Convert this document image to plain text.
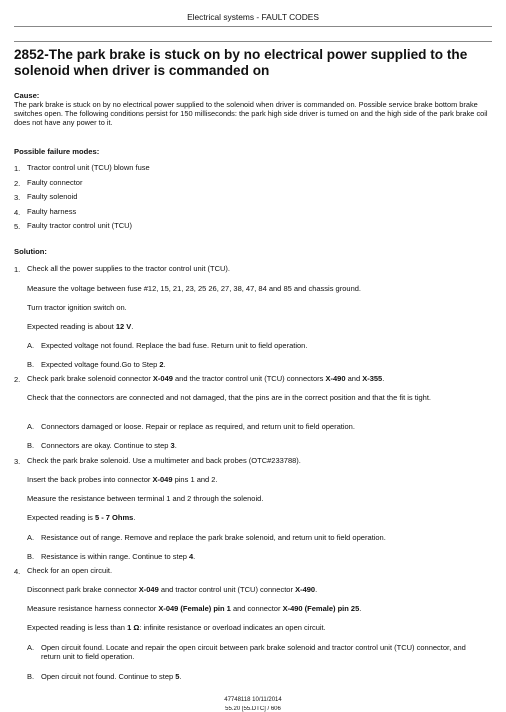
Electrical systems - FAULT CODES
2852-The park brake is stuck on by no electrical power supplied to the solenoid when driver is commanded on
Cause:
The park brake is stuck on by no electrical power supplied to the solenoid when driver is commanded on. Possible service brake bottom brake switches open. The following conditions persist for 150 milliseconds: the park high side driver is turned on and the high side of the park brake coil does not have any power to it.
Possible failure modes:
1. Tractor control unit (TCU) blown fuse
2. Faulty connector
3. Faulty solenoid
4. Faulty harness
5. Faulty tractor control unit (TCU)
Solution:
1. Check all the power supplies to the tractor control unit (TCU).
Measure the voltage between fuse #12, 15, 21, 23, 25 26, 27, 38, 47, 84 and 85 and chassis ground.
Turn tractor ignition switch on.
Expected reading is about 12 V.
A. Expected voltage not found. Replace the bad fuse. Return unit to field operation.
B. Expected voltage found.Go to Step 2.
2. Check park brake solenoid connector X-049 and the tractor control unit (TCU) connectors X-490 and X-355.
Check that the connectors are connected and not damaged, that the pins are in the correct position and that the fit is tight.
A. Connectors damaged or loose. Repair or replace as required, and return unit to field operation.
B. Connectors are okay. Continue to step 3.
3. Check the park brake solenoid. Use a multimeter and back probes (OTC#233788).
Insert the back probes into connector X-049 pins 1 and 2.
Measure the resistance between terminal 1 and 2 through the solenoid.
Expected reading is 5 - 7 Ohms.
A. Resistance out of range. Remove and replace the park brake solenoid, and return unit to field operation.
B. Resistance is within range. Continue to step 4.
4. Check for an open circuit.
Disconnect park brake connector X-049 and tractor control unit (TCU) connector X-490.
Measure resistance harness connector X-049 (Female) pin 1 and connector X-490 (Female) pin 25.
Expected reading is less than 1 Ω: infinite resistance or overload indicates an open circuit.
A. Open circuit found. Locate and repair the open circuit between park brake solenoid and tractor control unit (TCU) connector, and return unit to field operation.
B. Open circuit not found. Continue to step 5.
47748118 10/11/2014
55.20 [55.DTC] / 606
